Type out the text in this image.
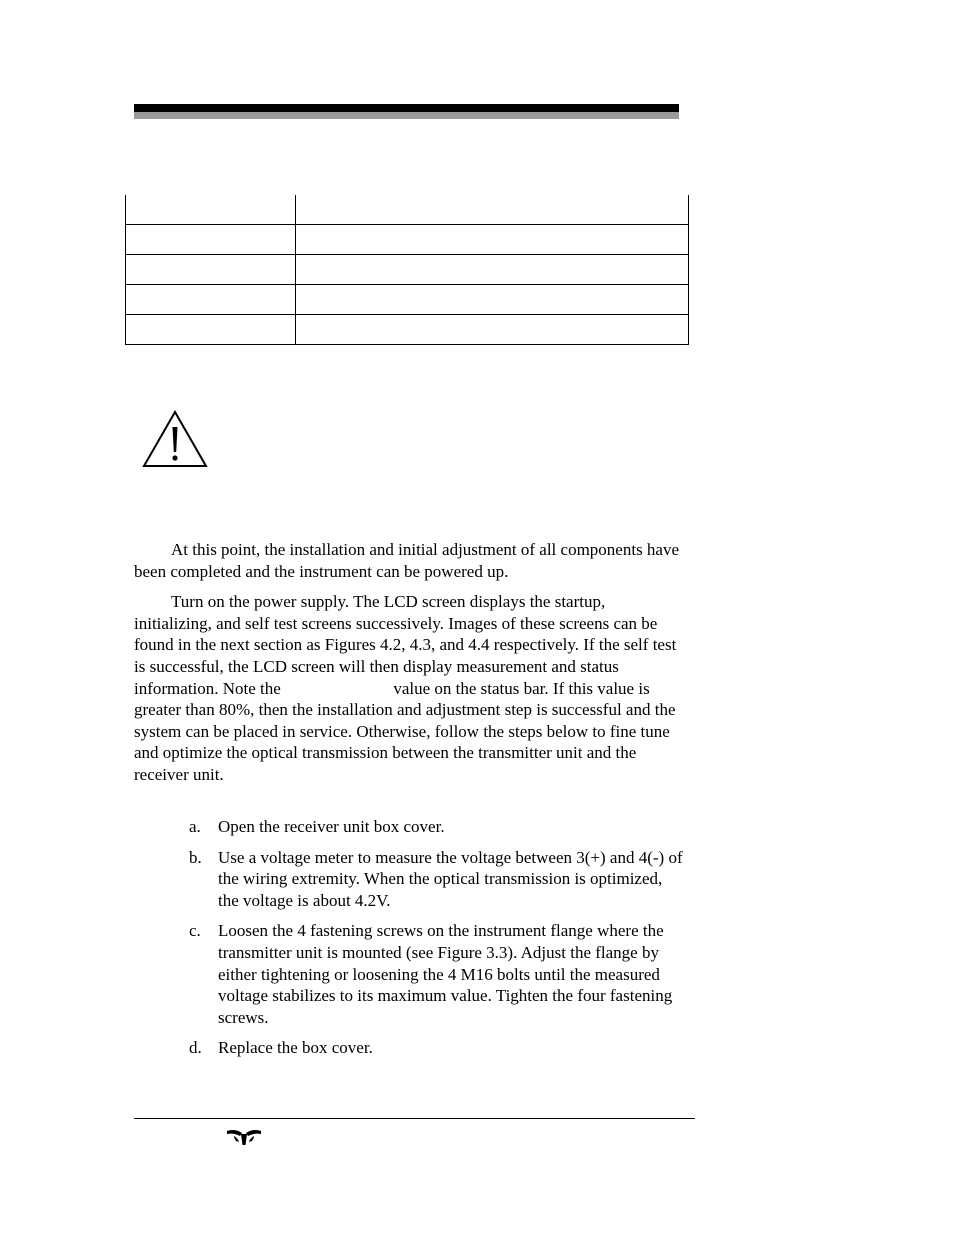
At this point, the installation and initial adjustment of all components have been completed and the instrument can be powered up.

Turn on the power supply. The LCD screen displays the startup, initializing, and self test screens successively. Images of these screens can be found in the next section as Figures 4.2, 4.3, and 4.4 respectively. If the self test is successful, the LCD screen will then display measurement and status information. Note the	value on the status bar. If this value is greater than 80%, then the installation and adjustment step is successful and the system can be placed in service. Otherwise, follow the steps below to fine tune and optimize the optical transmission between the transmitter unit and the receiver unit.

a. Open the receiver unit box cover.
b. Use a voltage meter to measure the voltage between 3(+) and 4(-) of the wiring extremity. When the optical transmission is optimized, the voltage is about 4.2V.
c. Loosen the 4 fastening screws on the instrument flange where the transmitter unit is mounted (see Figure 3.3). Adjust the flange by either tightening or loosening the 4 M16 bolts until the measured voltage stabilizes to its maximum value. Tighten the four fastening screws.
d. Replace the box cover.
